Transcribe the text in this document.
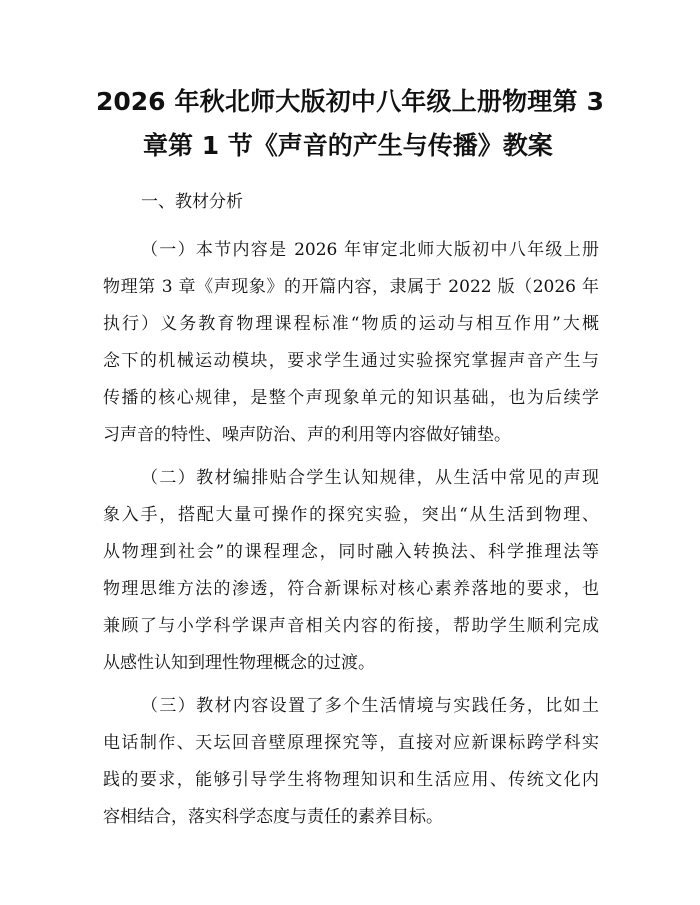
2026 年秋北师大版初中八年级上册物理第 3
章第 1 节《声音的产生与传播》教案

一、教材分析

（一）本节内容是 2026 年审定北师大版初中八年级上册

物理第 3 章《声现象》的开篇内容，隶属于 2022 版（2026 年

执行）义务教育物理课程标准“物质的运动与相互作用”大概

念下的机械运动模块，要求学生通过实验探究掌握声音产生与

传播的核心规律，是整个声现象单元的知识基础，也为后续学

习声音的特性、噪声防治、声的利用等内容做好铺垫。

（二）教材编排贴合学生认知规律，从生活中常见的声现

象入手，搭配大量可操作的探究实验，突出“从生活到物理、

从物理到社会”的课程理念，同时融入转换法、科学推理法等

物理思维方法的渗透，符合新课标对核心素养落地的要求，也

兼顾了与小学科学课声音相关内容的衔接，帮助学生顺利完成

从感性认知到理性物理概念的过渡。

（三）教材内容设置了多个生活情境与实践任务，比如土

电话制作、天坛回音壁原理探究等，直接对应新课标跨学科实

践的要求，能够引导学生将物理知识和生活应用、传统文化内

容相结合，落实科学态度与责任的素养目标。
